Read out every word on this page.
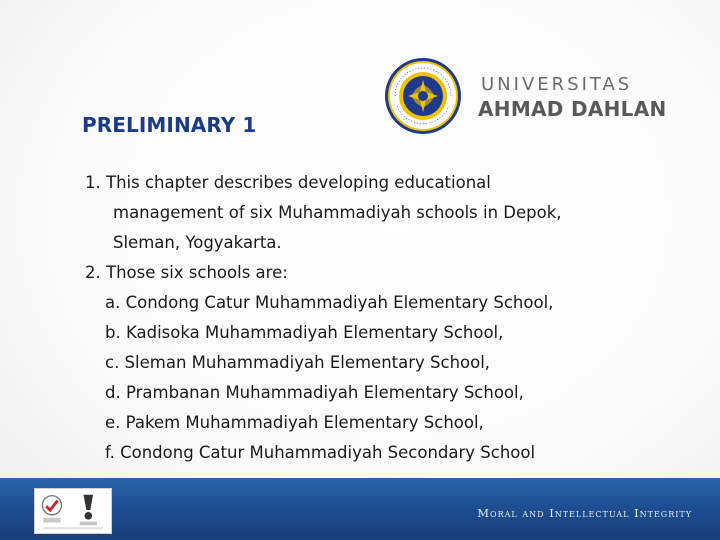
PRELIMINARY 1
UNIVERSITAS
AHMAD DAHLAN
1. This chapter describes developing educational
management of six Muhammadiyah schools in Depok,
Sleman, Yogyakarta.
2. Those six schools are:
a. Condong Catur Muhammadiyah Elementary School,
b. Kadisoka Muhammadiyah Elementary School,
c. Sleman Muhammadiyah Elementary School,
d. Prambanan Muhammadiyah Elementary School,
e. Pakem Muhammadiyah Elementary School,
f. Condong Catur Muhammadiyah Secondary School
Moral and Intellectual Integrity
